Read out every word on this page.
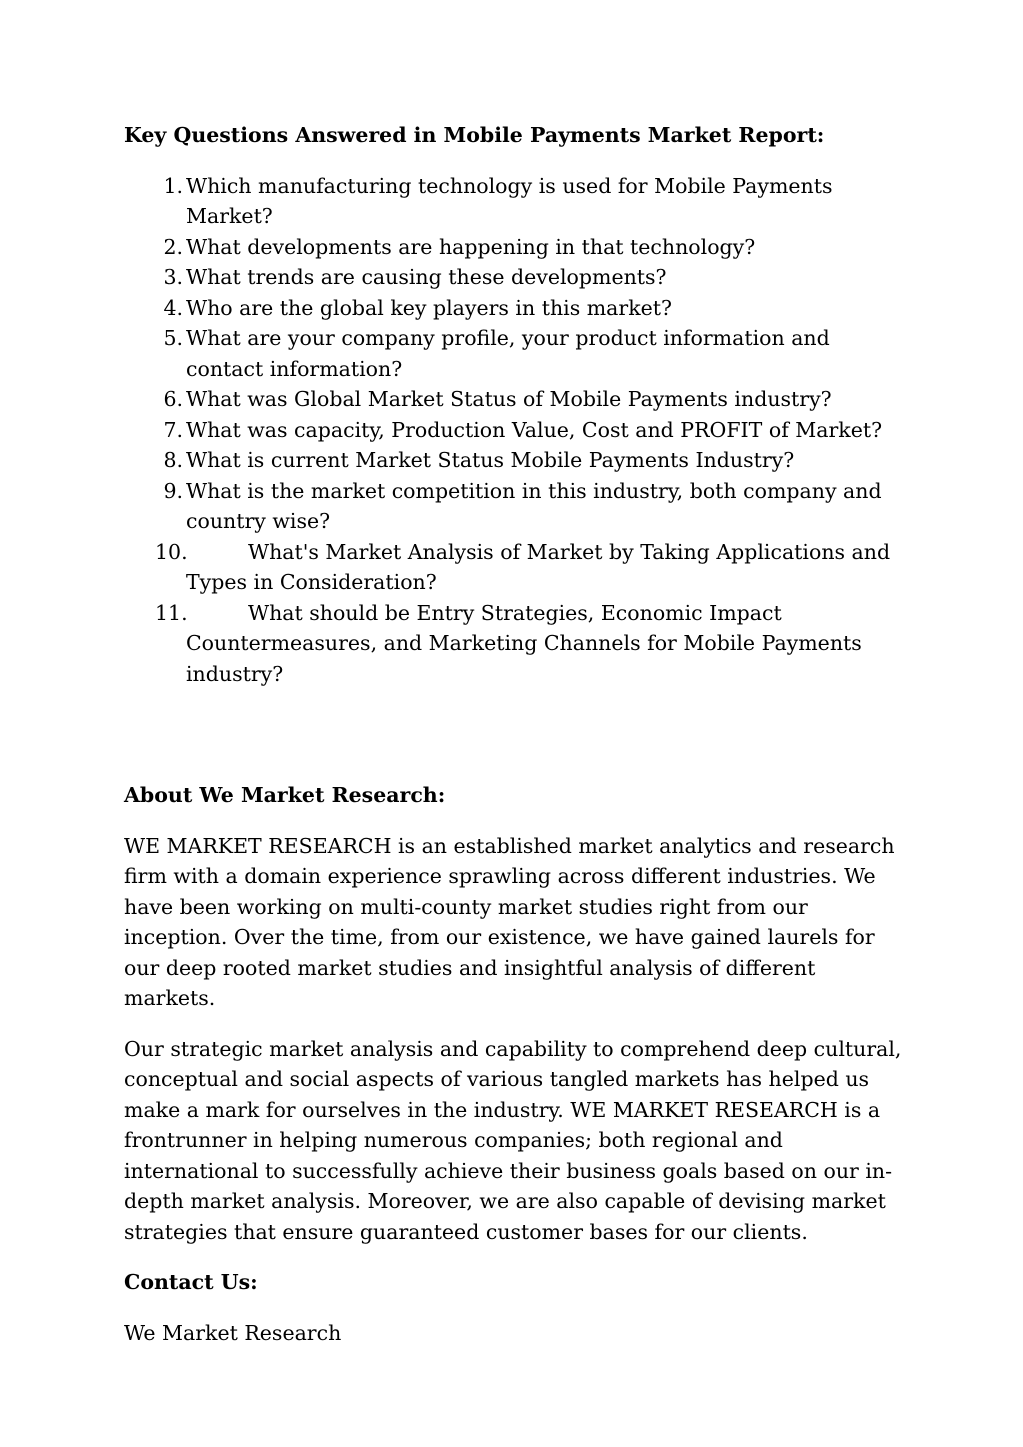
Key Questions Answered in Mobile Payments Market Report:

1. Which manufacturing technology is used for Mobile Payments Market?
2. What developments are happening in that technology?
3. What trends are causing these developments?
4. Who are the global key players in this market?
5. What are your company profile, your product information and contact information?
6. What was Global Market Status of Mobile Payments industry?
7. What was capacity, Production Value, Cost and PROFIT of Market?
8. What is current Market Status Mobile Payments Industry?
9. What is the market competition in this industry, both company and country wise?
10.	What's Market Analysis of Market by Taking Applications and Types in Consideration?
11.	What should be Entry Strategies, Economic Impact Countermeasures, and Marketing Channels for Mobile Payments industry?

About We Market Research:

WE MARKET RESEARCH is an established market analytics and research firm with a domain experience sprawling across different industries. We have been working on multi-county market studies right from our inception. Over the time, from our existence, we have gained laurels for our deep rooted market studies and insightful analysis of different markets.

Our strategic market analysis and capability to comprehend deep cultural, conceptual and social aspects of various tangled markets has helped us make a mark for ourselves in the industry. WE MARKET RESEARCH is a frontrunner in helping numerous companies; both regional and international to successfully achieve their business goals based on our in-depth market analysis. Moreover, we are also capable of devising market strategies that ensure guaranteed customer bases for our clients.

Contact Us:

We Market Research
